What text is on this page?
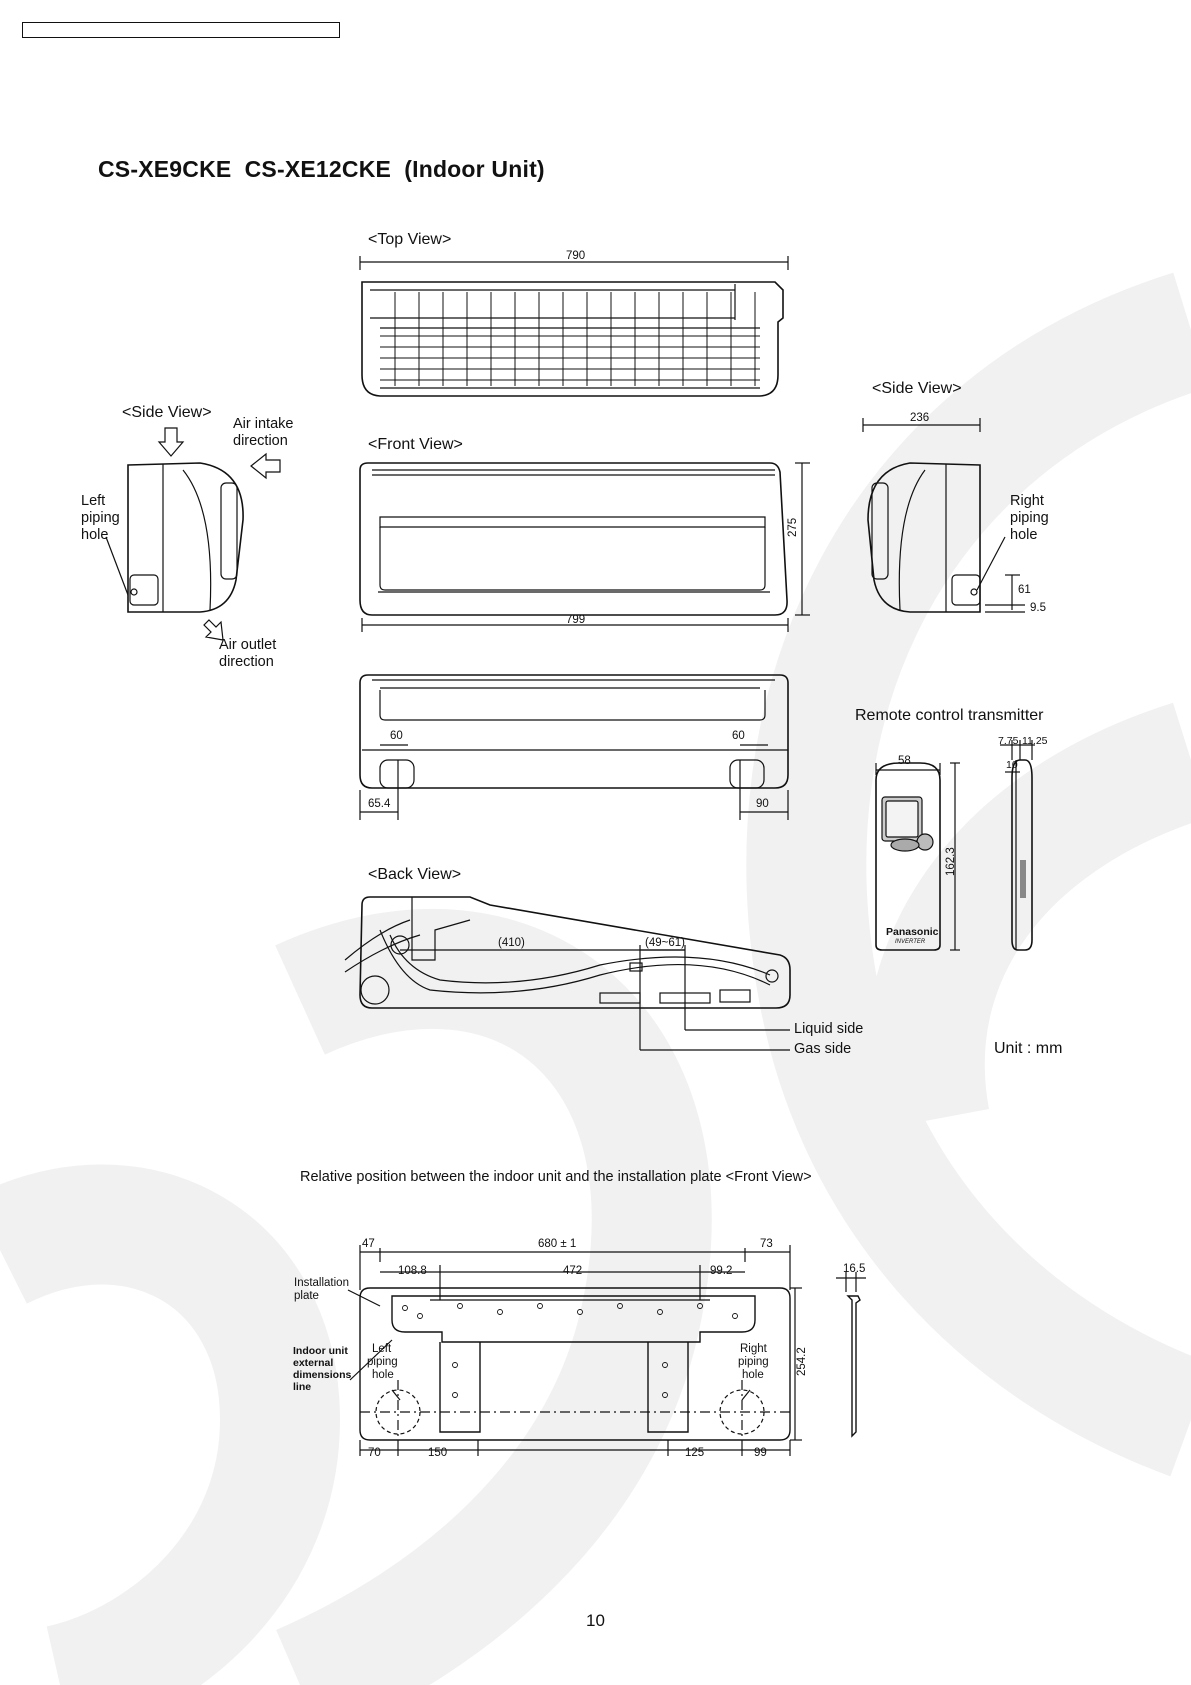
CS-XE9CKE  CS-XE12CKE  (Indoor Unit)
<Top View>
<Front View>
<Side View>
<Side View>
<Back View>
Air intake
direction
Air outlet
direction
Left
piping
hole
Right
piping
hole
790
799
275
236
61
9.5
60	60
65.4	90
(410)	(49~61)
Liquid side
Gas side	Unit : mm
Remote control transmitter
7.75 11.25
58	10
162.3
Panasonic
INVERTER
Relative position between the indoor unit and the installation plate <Front View>
47	680 ± 1	73
108.8	472	99.2	16.5
254.2
70	150	125	99
Installation
plate
Indoor unit
external
dimensions
line
Left
piping
hole
Right
piping
hole
10
